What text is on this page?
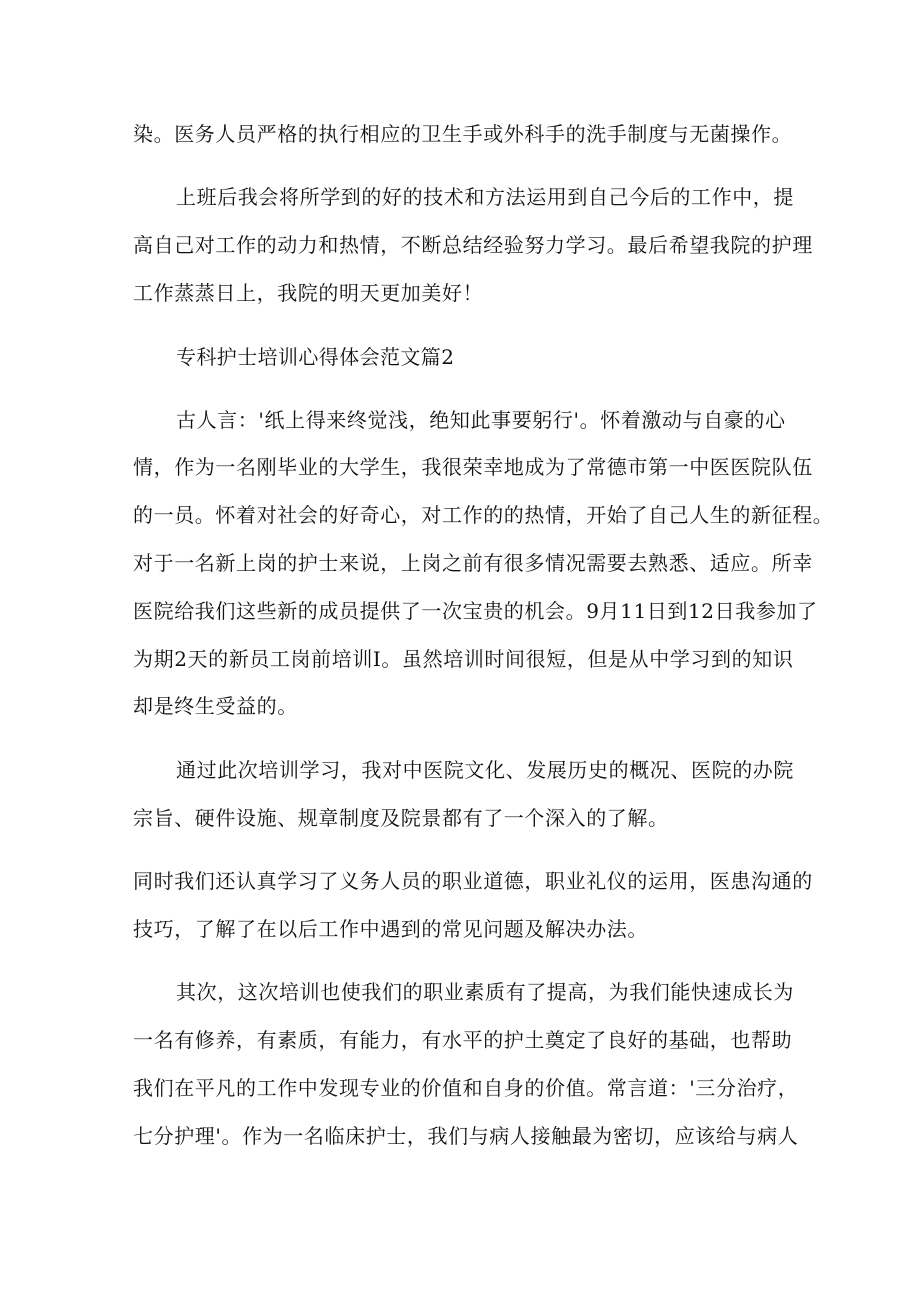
染。医务人员严格的执行相应的卫生手或外科手的洗手制度与无菌操作。
上班后我会将所学到的好的技术和方法运用到自己今后的工作中，提
高自己对工作的动力和热情，不断总结经验努力学习。最后希望我院的护理
工作蒸蒸日上，我院的明天更加美好！
专科护士培训心得体会范文篇2
古人言：'纸上得来终觉浅，绝知此事要躬行'。怀着激动与自豪的心
情，作为一名刚毕业的大学生，我很荣幸地成为了常德市第一中医医院队伍
的一员。怀着对社会的好奇心，对工作的的热情，开始了自己人生的新征程。
对于一名新上岗的护士来说，上岗之前有很多情况需要去熟悉、适应。所幸
医院给我们这些新的成员提供了一次宝贵的机会。9月11日到12日我参加了
为期2天的新员工岗前培训I。虽然培训时间很短，但是从中学习到的知识
却是终生受益的。
通过此次培训学习，我对中医院文化、发展历史的概况、医院的办院
宗旨、硬件设施、规章制度及院景都有了一个深入的了解。
同时我们还认真学习了义务人员的职业道德，职业礼仪的运用，医患沟通的
技巧，了解了在以后工作中遇到的常见问题及解决办法。
其次，这次培训也使我们的职业素质有了提高，为我们能快速成长为
一名有修养，有素质，有能力，有水平的护土奠定了良好的基础，也帮助
我们在平凡的工作中发现专业的价值和自身的价值。常言道：'三分治疗，
七分护理'。作为一名临床护士，我们与病人接触最为密切，应该给与病人
